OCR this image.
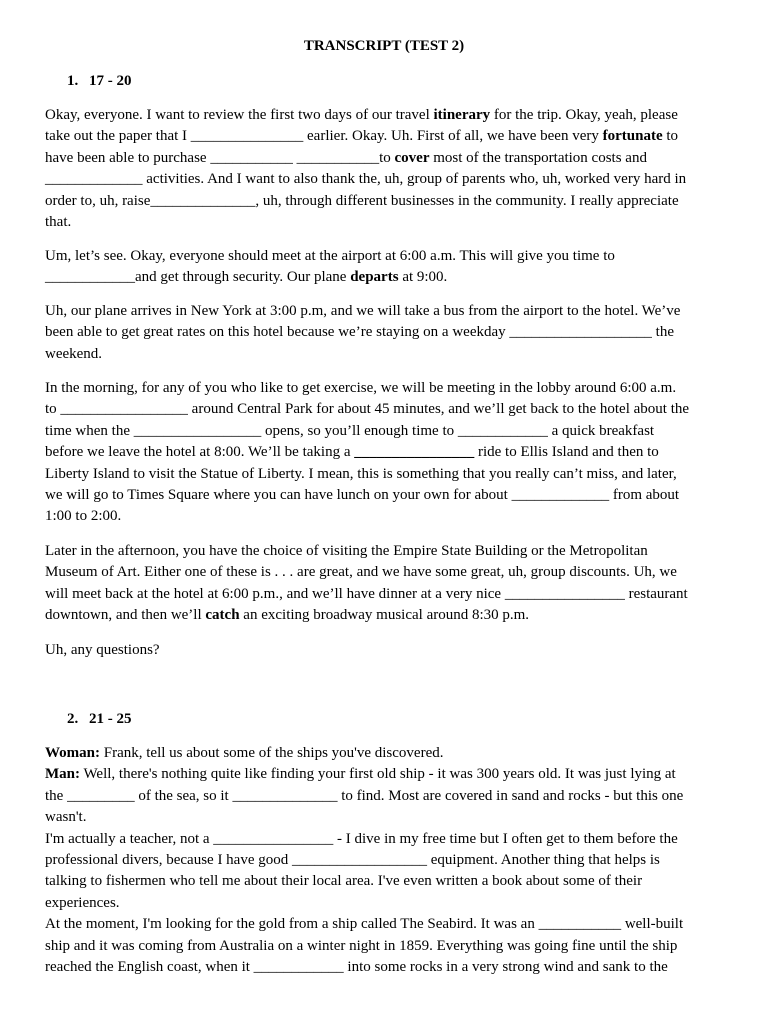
TRANSCRIPT (TEST 2)
1. 17 - 20

Okay, everyone. I want to review the first two days of our travel itinerary for the trip. Okay, yeah, please
take out the paper that I _______________ earlier. Okay. Uh. First of all, we have been very fortunate to
have been able to purchase ___________ ___________to cover most of the transportation costs and
_____________ activities. And I want to also thank the, uh, group of parents who, uh, worked very hard in
order to, uh, raise______________, uh, through different businesses in the community. I really appreciate
that.

Um, let’s see. Okay, everyone should meet at the airport at 6:00 a.m. This will give you time to
____________and get through security. Our plane departs at 9:00.

Uh, our plane arrives in New York at 3:00 p.m, and we will take a bus from the airport to the hotel. We’ve
been able to get great rates on this hotel because we’re staying on a weekday ___________________ the
weekend.

In the morning, for any of you who like to get exercise, we will be meeting in the lobby around 6:00 a.m.
to _________________ around Central Park for about 45 minutes, and we’ll get back to the hotel about the
time when the _________________ opens, so you’ll enough time to ____________ a quick breakfast
before we leave the hotel at 8:00. We’ll be taking a ________________ ride to Ellis Island and then to
Liberty Island to visit the Statue of Liberty. I mean, this is something that you really can’t miss, and later,
we will go to Times Square where you can have lunch on your own for about _____________ from about
1:00 to 2:00.

Later in the afternoon, you have the choice of visiting the Empire State Building or the Metropolitan
Museum of Art. Either one of these is . . . are great, and we have some great, uh, group discounts. Uh, we
will meet back at the hotel at 6:00 p.m., and we’ll have dinner at a very nice ________________ restaurant
downtown, and then we’ll catch an exciting broadway musical around 8:30 p.m.

Uh, any questions?

2. 21 - 25

Woman: Frank, tell us about some of the ships you've discovered.
Man: Well, there's nothing quite like finding your first old ship - it was 300 years old. It was just lying at
the _________ of the sea, so it ______________ to find. Most are covered in sand and rocks - but this one
wasn't.
I'm actually a teacher, not a ________________ - I dive in my free time but I often get to them before the
professional divers, because I have good __________________ equipment. Another thing that helps is
talking to fishermen who tell me about their local area. I've even written a book about some of their
experiences.
At the moment, I'm looking for the gold from a ship called The Seabird. It was an ___________ well-built
ship and it was coming from Australia on a winter night in 1859. Everything was going fine until the ship
reached the English coast, when it ____________ into some rocks in a very strong wind and sank to the
